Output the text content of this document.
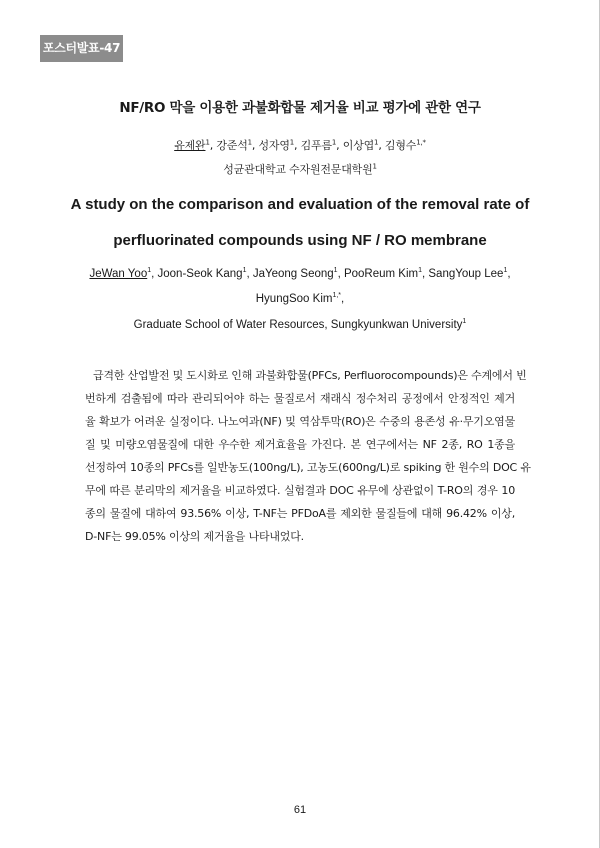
포스터발표-47
NF/RO 막을 이용한 과불화합물 제거율 비교 평가에 관한 연구
유제완$^1$, 강준석$^1$, 성자영$^1$, 김푸름$^1$, 이상엽$^1$, 김형수$^{1,*}$
성균관대학교 수자원전문대학원$^1$
A study on the comparison and evaluation of the removal rate of
perfluorinated compounds using NF / RO membrane
JeWan Yoo$^1$, Joon-Seok Kang$^1$, JaYeong Seong$^1$, PooReum Kim$^1$, SangYoup Lee$^1$,
HyungSoo Kim$^{1,*}$,
Graduate School of Water Resources, Sungkyunkwan University$^1$
급격한 산업발전 및 도시화로 인해 과불화합물(PFCs, Perfluorocompounds)은 수계에서 빈
번하게 검출됨에 따라 관리되어야 하는 물질로서 재래식 정수처리 공정에서 안정적인 제거
율 확보가 어려운 실정이다. 나노여과(NF) 및 역삼투막(RO)은 수중의 용존성 유·무기오염물
질 및 미량오염물질에 대한 우수한 제거효율을 가진다. 본 연구에서는 NF 2종, RO 1종을
선정하여 10종의 PFCs를 일반농도(100ng/L), 고농도(600ng/L)로 spiking 한 원수의 DOC 유
무에 따른 분리막의 제거율을 비교하였다. 실험결과 DOC 유무에 상관없이 T-RO의 경우 10
종의 물질에 대하여 93.56% 이상, T-NF는 PFDoA를 제외한 물질들에 대해 96.42% 이상,
D-NF는 99.05% 이상의 제거율을 나타내었다.
61
